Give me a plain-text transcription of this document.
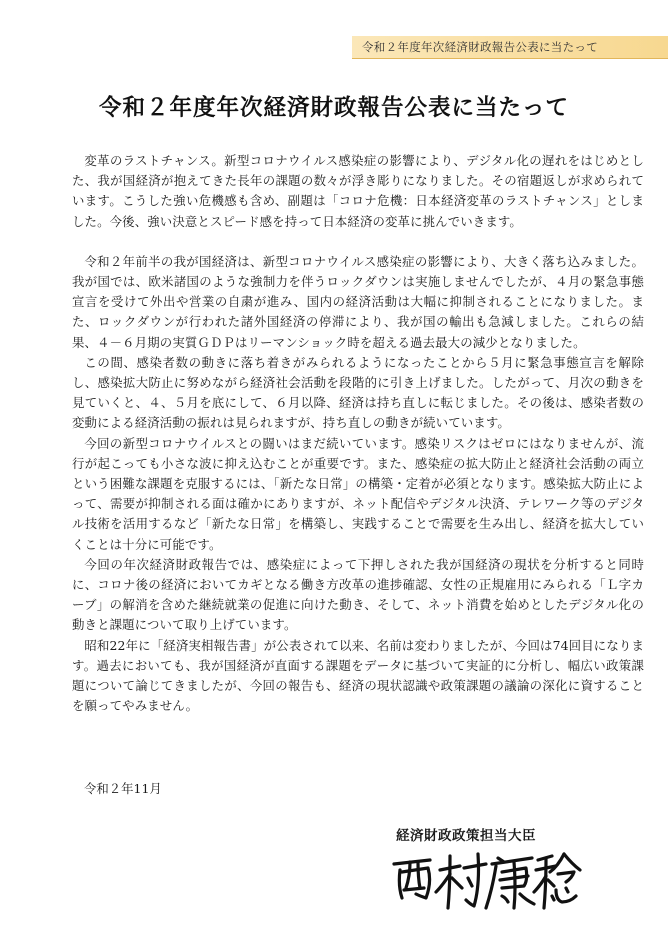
令和２年度年次経済財政報告公表に当たって
令和２年度年次経済財政報告公表に当たって

変革のラストチャンス。新型コロナウイルス感染症の影響により、デジタル化の遅れをはじめとした、我が国経済が抱えてきた長年の課題の数々が浮き彫りになりました。その宿題返しが求められています。こうした強い危機感も含め、副題は「コロナ危機：日本経済変革のラストチャンス」としました。今後、強い決意とスピード感を持って日本経済の変革に挑んでいきます。

令和２年前半の我が国経済は、新型コロナウイルス感染症の影響により、大きく落ち込みました。我が国では、欧米諸国のような強制力を伴うロックダウンは実施しませんでしたが、４月の緊急事態宣言を受けて外出や営業の自粛が進み、国内の経済活動は大幅に抑制されることになりました。また、ロックダウンが行われた諸外国経済の停滞により、我が国の輸出も急減しました。これらの結果、４－６月期の実質ＧＤＰはリーマンショック時を超える過去最大の減少となりました。

この間、感染者数の動きに落ち着きがみられるようになったことから５月に緊急事態宣言を解除し、感染拡大防止に努めながら経済社会活動を段階的に引き上げました。したがって、月次の動きを見ていくと、４、５月を底にして、６月以降、経済は持ち直しに転じました。その後は、感染者数の変動による経済活動の振れは見られますが、持ち直しの動きが続いています。

今回の新型コロナウイルスとの闘いはまだ続いています。感染リスクはゼロにはなりませんが、流行が起こっても小さな波に抑え込むことが重要です。また、感染症の拡大防止と経済社会活動の両立という困難な課題を克服するには、「新たな日常」の構築・定着が必須となります。感染拡大防止によって、需要が抑制される面は確かにありますが、ネット配信やデジタル決済、テレワーク等のデジタル技術を活用するなど「新たな日常」を構築し、実践することで需要を生み出し、経済を拡大していくことは十分に可能です。

今回の年次経済財政報告では、感染症によって下押しされた我が国経済の現状を分析すると同時に、コロナ後の経済においてカギとなる働き方改革の進捗確認、女性の正規雇用にみられる「Ｌ字カーブ」の解消を含めた継続就業の促進に向けた動き、そして、ネット消費を始めとしたデジタル化の動きと課題について取り上げています。

昭和22年に「経済実相報告書」が公表されて以来、名前は変わりましたが、今回は74回目になります。過去においても、我が国経済が直面する課題をデータに基づいて実証的に分析し、幅広い政策課題について論じてきましたが、今回の報告も、経済の現状認識や政策課題の議論の深化に資することを願ってやみません。

令和２年11月
経済財政政策担当大臣
